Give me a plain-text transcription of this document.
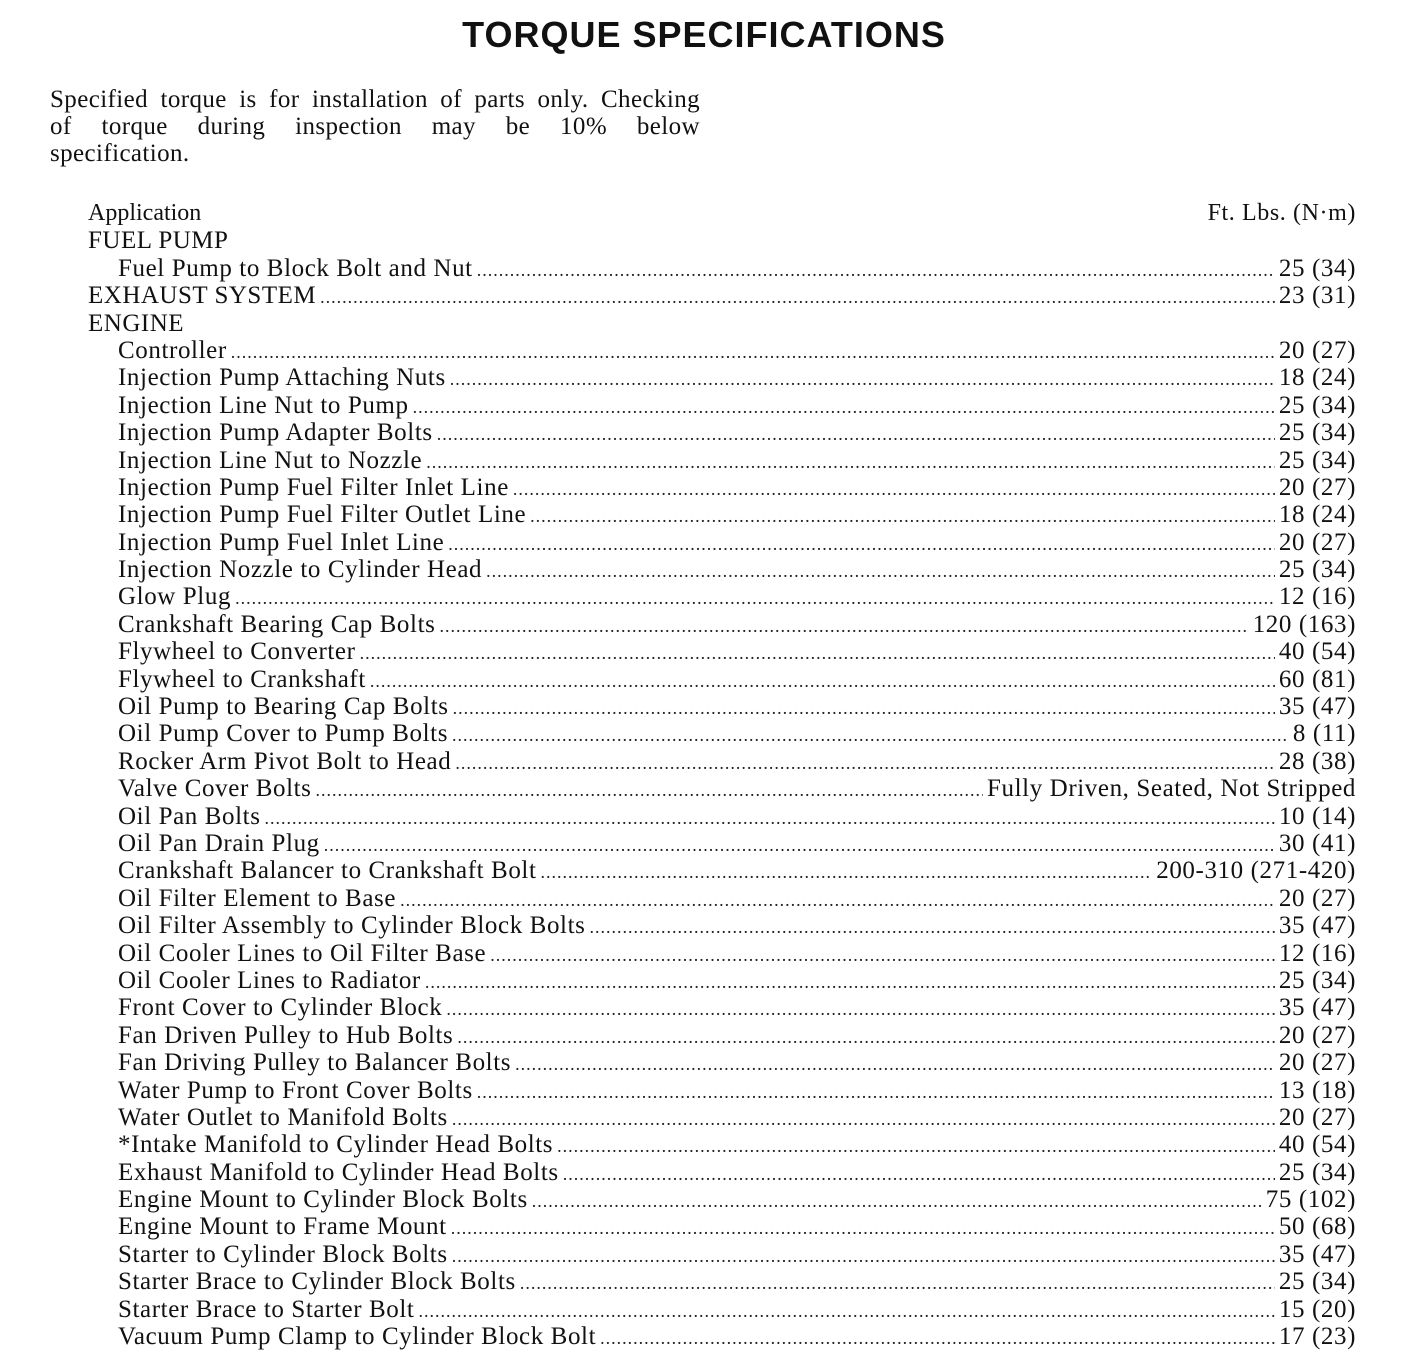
TORQUE SPECIFICATIONS
Specified torque is for installation of parts only. Checking of torque during inspection may be 10% below specification.
Application	Ft. Lbs. (N·m)
FUEL PUMP
Fuel Pump to Block Bolt and Nut .....	25 (34)
EXHAUST SYSTEM .....	23 (31)
ENGINE
Controller .....	20 (27)
Injection Pump Attaching Nuts .....	18 (24)
Injection Line Nut to Pump .....	25 (34)
Injection Pump Adapter Bolts .....	25 (34)
Injection Line Nut to Nozzle .....	25 (34)
Injection Pump Fuel Filter Inlet Line .....	20 (27)
Injection Pump Fuel Filter Outlet Line .....	18 (24)
Injection Pump Fuel Inlet Line .....	20 (27)
Injection Nozzle to Cylinder Head .....	25 (34)
Glow Plug .....	12 (16)
Crankshaft Bearing Cap Bolts .....	120 (163)
Flywheel to Converter .....	40 (54)
Flywheel to Crankshaft .....	60 (81)
Oil Pump to Bearing Cap Bolts .....	35 (47)
Oil Pump Cover to Pump Bolts .....	8 (11)
Rocker Arm Pivot Bolt to Head .....	28 (38)
Valve Cover Bolts .....	Fully Driven, Seated, Not Stripped
Oil Pan Bolts .....	10 (14)
Oil Pan Drain Plug .....	30 (41)
Crankshaft Balancer to Crankshaft Bolt .....	200-310 (271-420)
Oil Filter Element to Base .....	20 (27)
Oil Filter Assembly to Cylinder Block Bolts .....	35 (47)
Oil Cooler Lines to Oil Filter Base .....	12 (16)
Oil Cooler Lines to Radiator .....	25 (34)
Front Cover to Cylinder Block .....	35 (47)
Fan Driven Pulley to Hub Bolts .....	20 (27)
Fan Driving Pulley to Balancer Bolts .....	20 (27)
Water Pump to Front Cover Bolts .....	13 (18)
Water Outlet to Manifold Bolts .....	20 (27)
*Intake Manifold to Cylinder Head Bolts .....	40 (54)
Exhaust Manifold to Cylinder Head Bolts .....	25 (34)
Engine Mount to Cylinder Block Bolts .....	75 (102)
Engine Mount to Frame Mount .....	50 (68)
Starter to Cylinder Block Bolts .....	35 (47)
Starter Brace to Cylinder Block Bolts .....	25 (34)
Starter Brace to Starter Bolt .....	15 (20)
Vacuum Pump Clamp to Cylinder Block Bolt .....	17 (23)
